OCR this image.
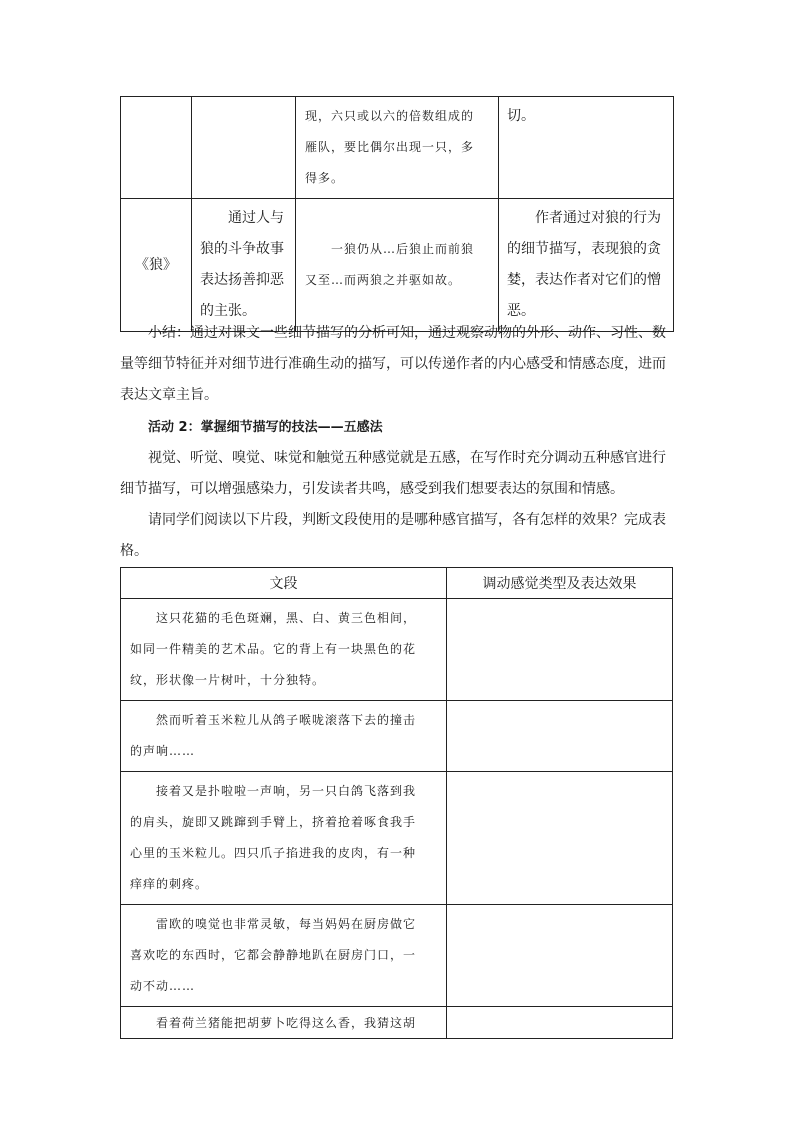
		现，六只或以六的倍数组成的
雁队，要比偶尔出现一只，多
得多。	切。

《狼》	　　通过人与
狼的斗争故事
表达扬善抑恶
的主张。	　　一狼仍从…后狼止而前狼
又至…而两狼之并驱如故。	　　作者通过对狼的行为
的细节描写，表现狼的贪
婪，表达作者对它们的憎
恶。

　　小结：通过对课文一些细节描写的分析可知，通过观察动物的外形、动作、习性、数
量等细节特征并对细节进行准确生动的描写，可以传递作者的内心感受和情感态度，进而
表达文章主旨。

活动 2：掌握细节描写的技法——五感法

　　视觉、听觉、嗅觉、味觉和触觉五种感觉就是五感，在写作时充分调动五种感官进行
细节描写，可以增强感染力，引发读者共鸣，感受到我们想要表达的氛围和情感。

　　请同学们阅读以下片段，判断文段使用的是哪种感官描写，各有怎样的效果？完成表
格。

文段	调动感觉类型及表达效果

　　这只花猫的毛色斑斓，黑、白、黄三色相间，
如同一件精美的艺术品。它的背上有一块黑色的花
纹，形状像一片树叶，十分独特。	

　　然而听着玉米粒儿从鸽子喉咙滚落下去的撞击
的声响……	

　　接着又是扑啦啦一声响，另一只白鸽飞落到我
的肩头，旋即又跳蹿到手臂上，挤着抢着啄食我手
心里的玉米粒儿。四只爪子掐进我的皮肉，有一种
痒痒的刺疼。	

　　雷欧的嗅觉也非常灵敏，每当妈妈在厨房做它
喜欢吃的东西时，它都会静静地趴在厨房门口，一
动不动……	

　　看着荷兰猪能把胡萝卜吃得这么香，我猜这胡	
